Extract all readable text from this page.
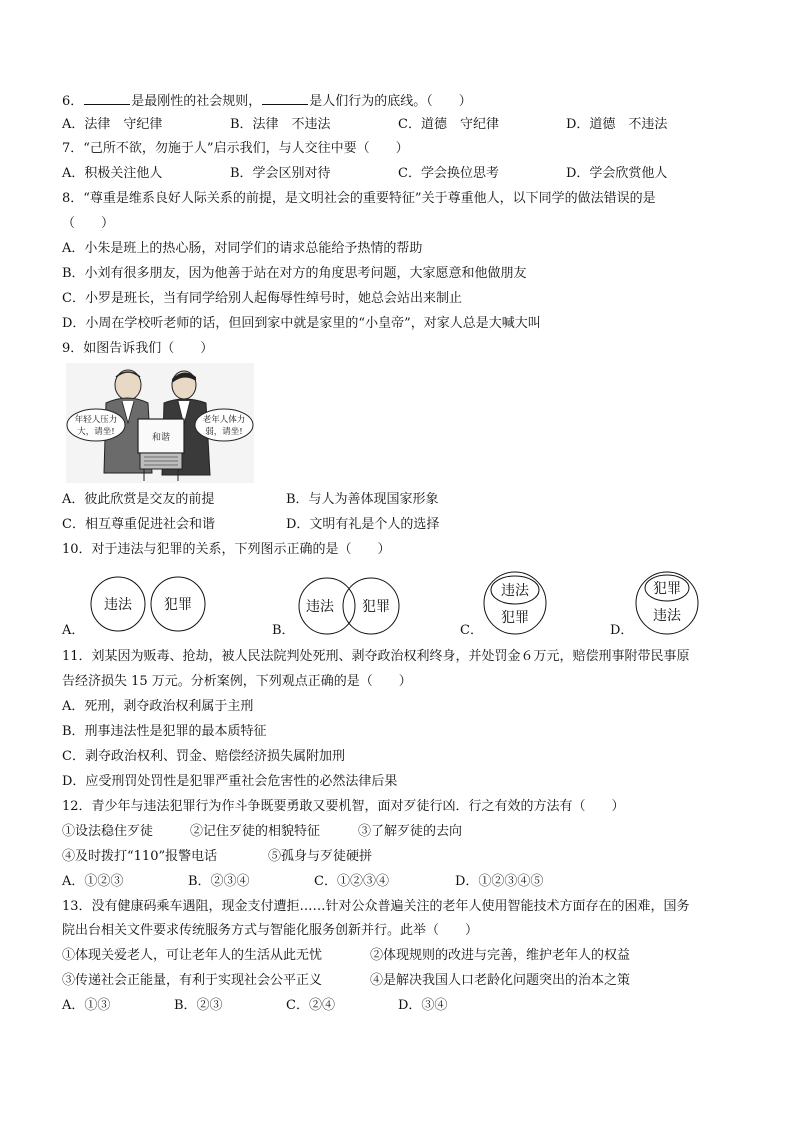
6．	是最刚性的社会规则，	是人们行为的底线。（　　）
A．法律　守纪律	B．法律　不违法	C．道德　守纪律	D．道德　不违法
7．“己所不欲，勿施于人”启示我们，与人交往中要（　　）
A．积极关注他人	B．学会区别对待	C．学会换位思考	D．学会欣赏他人
8．“尊重是维系良好人际关系的前提，是文明社会的重要特征”关于尊重他人，以下同学的做法错误的是
（　　）
A．小朱是班上的热心肠，对同学们的请求总能给予热情的帮助
B．小刘有很多朋友，因为他善于站在对方的角度思考问题，大家愿意和他做朋友
C．小罗是班长，当有同学给别人起侮辱性绰号时，她总会站出来制止
D．小周在学校听老师的话，但回到家中就是家里的“小皇帝”，对家人总是大喊大叫
9．如图告诉我们（　　）
和谐
年轻人压力
大，请坐!
老年人体力
弱，请坐!
A．彼此欣赏是交友的前提	B．与人为善体现国家形象
C．相互尊重促进社会和谐	D．文明有礼是个人的选择
10．对于违法与犯罪的关系，下列图示正确的是（　　）
A．
违法 犯罪
B．
违法 犯罪
C．
违法
犯罪
D．
犯罪
违法
11．刘某因为贩毒、抢劫，被人民法院判处死刑、剥夺政治权利终身，并处罚金６万元，赔偿刑事附带民事原
告经济损失 15 万元。分析案例，下列观点正确的是（　　）
A．死刑，剥夺政治权利属于主刑
B．刑事违法性是犯罪的最本质特征
C．剥夺政治权利、罚金、赔偿经济损失属附加刑
D．应受刑罚处罚性是犯罪严重社会危害性的必然法律后果
12．青少年与违法犯罪行为作斗争既要勇敢又要机智，面对歹徒行凶．行之有效的方法有（　　）
①设法稳住歹徒	②记住歹徒的相貌特征	③了解歹徒的去向
④及时拨打“110”报警电话	⑤孤身与歹徒硬拼
A．①②③	B．②③④	C．①②③④	D．①②③④⑤
13．没有健康码乘车遇阻，现金支付遭拒……针对公众普遍关注的老年人使用智能技术方面存在的困难，国务
院出台相关文件要求传统服务方式与智能化服务创新并行。此举（　　）
①体现关爱老人，可让老年人的生活从此无忧	②体现规则的改进与完善，维护老年人的权益
③传递社会正能量，有利于实现社会公平正义	④是解决我国人口老龄化问题突出的治本之策
A．①③	B．②③	C．②④	D．③④
